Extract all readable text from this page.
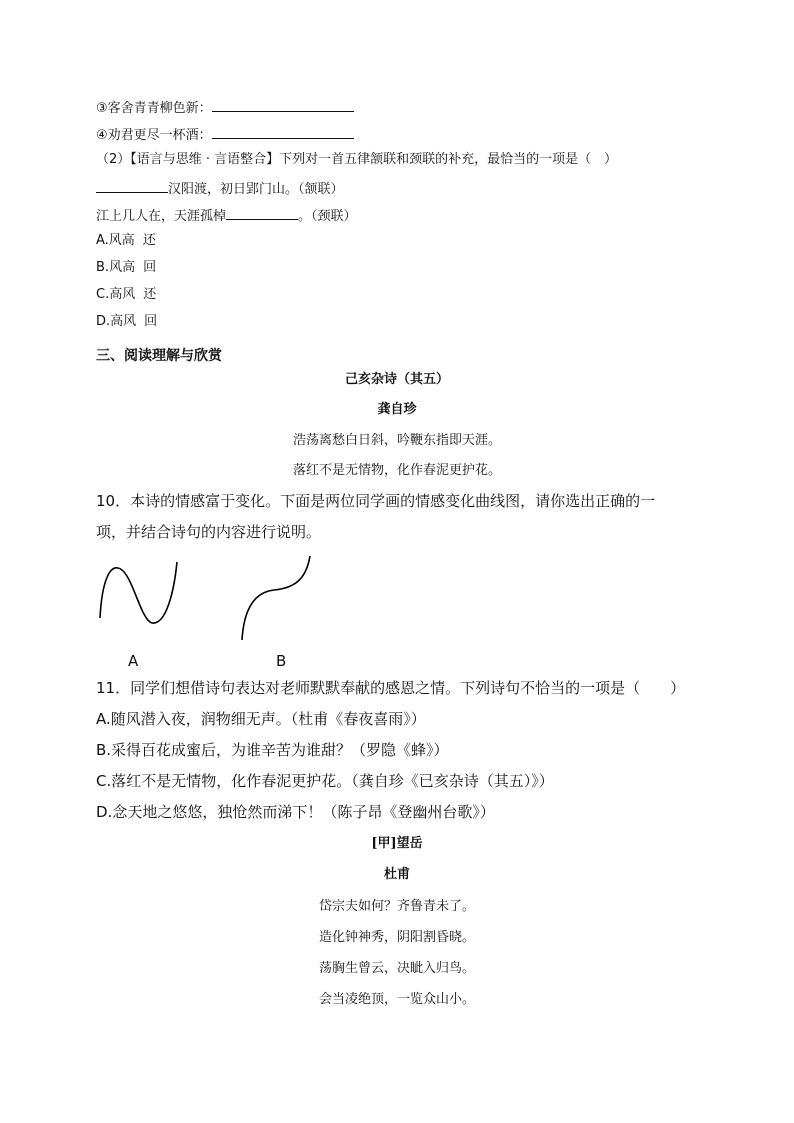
③客舍青青柳色新：
④劝君更尽一杯酒：
（2）【语言与思维 · 言语整合】下列对一首五律颔联和颈联的补充，最恰当的一项是（　）
汉阳渡，初日郢门山。（颔联）
江上几人在，天涯孤棹	。（颈联）
A.风高 还
B.风高 回
C.高风 还
D.高风 回
三、阅读理解与欣赏
己亥杂诗（其五）
龚自珍
浩荡离愁白日斜，吟鞭东指即天涯。
落红不是无情物，化作春泥更护花。
10．本诗的情感富于变化。下面是两位同学画的情感变化曲线图，请你选出正确的一
项，并结合诗句的内容进行说明。
A	B
11．同学们想借诗句表达对老师默默奉献的感恩之情。下列诗句不恰当的一项是（　　）
A.随风潜入夜，润物细无声。（杜甫《春夜喜雨》）
B.采得百花成蜜后，为谁辛苦为谁甜？（罗隐《蜂》）
C.落红不是无情物，化作春泥更护花。（龚自珍《已亥杂诗（其五）》）
D.念天地之悠悠，独怆然而涕下！（陈子昂《登幽州台歌》）
[甲]望岳
杜甫
岱宗夫如何？齐鲁青未了。
造化钟神秀，阴阳割昏晓。
荡胸生曾云，决眦入归鸟。
会当凌绝顶，一览众山小。
